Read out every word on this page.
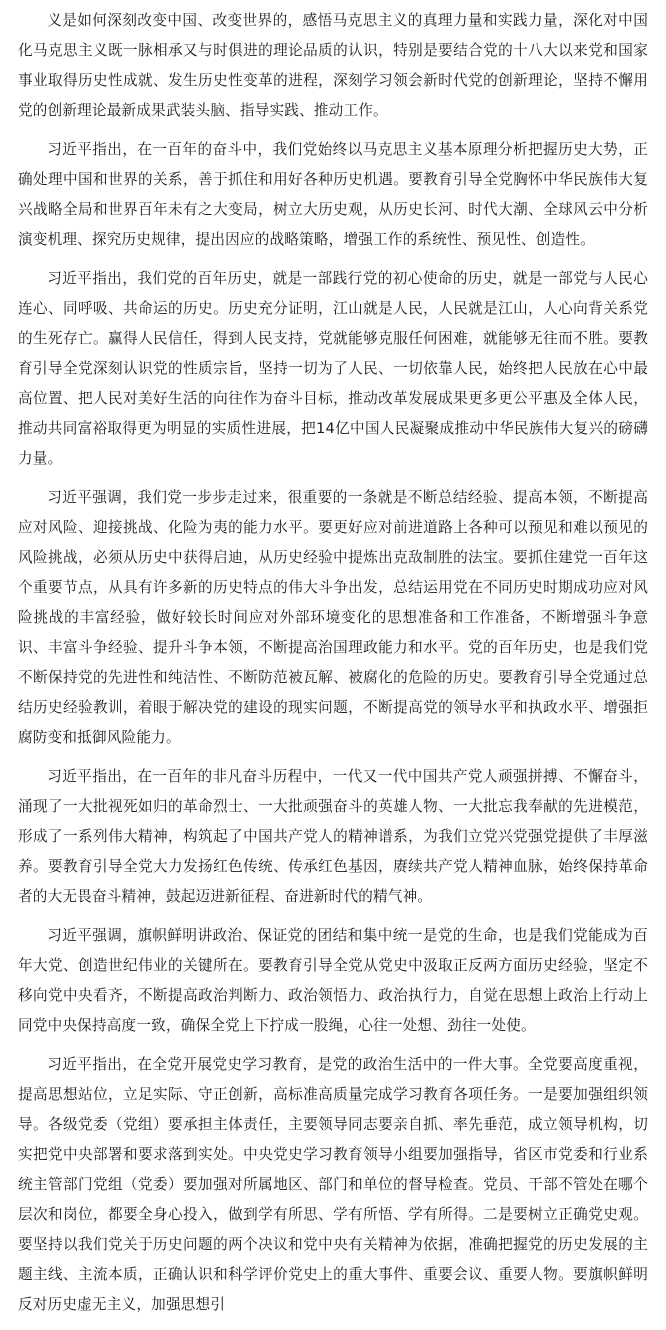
义是如何深刻改变中国、改变世界的，感悟马克思主义的真理力量和实践力量，深化对中国化马克思主义既一脉相承又与时俱进的理论品质的认识，特别是要结合党的十八大以来党和国家事业取得历史性成就、发生历史性变革的进程，深刻学习领会新时代党的创新理论，坚持不懈用党的创新理论最新成果武装头脑、指导实践、推动工作。

习近平指出，在一百年的奋斗中，我们党始终以马克思主义基本原理分析把握历史大势，正确处理中国和世界的关系，善于抓住和用好各种历史机遇。要教育引导全党胸怀中华民族伟大复兴战略全局和世界百年未有之大变局，树立大历史观，从历史长河、时代大潮、全球风云中分析演变机理、探究历史规律，提出因应的战略策略，增强工作的系统性、预见性、创造性。

习近平指出，我们党的百年历史，就是一部践行党的初心使命的历史，就是一部党与人民心连心、同呼吸、共命运的历史。历史充分证明，江山就是人民，人民就是江山，人心向背关系党的生死存亡。赢得人民信任，得到人民支持，党就能够克服任何困难，就能够无往而不胜。要教育引导全党深刻认识党的性质宗旨，坚持一切为了人民、一切依靠人民，始终把人民放在心中最高位置、把人民对美好生活的向往作为奋斗目标，推动改革发展成果更多更公平惠及全体人民，推动共同富裕取得更为明显的实质性进展，把14亿中国人民凝聚成推动中华民族伟大复兴的磅礴力量。

习近平强调，我们党一步步走过来，很重要的一条就是不断总结经验、提高本领，不断提高应对风险、迎接挑战、化险为夷的能力水平。要更好应对前进道路上各种可以预见和难以预见的风险挑战，必须从历史中获得启迪，从历史经验中提炼出克敌制胜的法宝。要抓住建党一百年这个重要节点，从具有许多新的历史特点的伟大斗争出发，总结运用党在不同历史时期成功应对风险挑战的丰富经验，做好较长时间应对外部环境变化的思想准备和工作准备，不断增强斗争意识、丰富斗争经验、提升斗争本领，不断提高治国理政能力和水平。党的百年历史，也是我们党不断保持党的先进性和纯洁性、不断防范被瓦解、被腐化的危险的历史。要教育引导全党通过总结历史经验教训，着眼于解决党的建设的现实问题，不断提高党的领导水平和执政水平、增强拒腐防变和抵御风险能力。

习近平指出，在一百年的非凡奋斗历程中，一代又一代中国共产党人顽强拼搏、不懈奋斗，涌现了一大批视死如归的革命烈士、一大批顽强奋斗的英雄人物、一大批忘我奉献的先进模范，形成了一系列伟大精神，构筑起了中国共产党人的精神谱系，为我们立党兴党强党提供了丰厚滋养。要教育引导全党大力发扬红色传统、传承红色基因，赓续共产党人精神血脉，始终保持革命者的大无畏奋斗精神，鼓起迈进新征程、奋进新时代的精气神。

习近平强调，旗帜鲜明讲政治、保证党的团结和集中统一是党的生命，也是我们党能成为百年大党、创造世纪伟业的关键所在。要教育引导全党从党史中汲取正反两方面历史经验，坚定不移向党中央看齐，不断提高政治判断力、政治领悟力、政治执行力，自觉在思想上政治上行动上同党中央保持高度一致，确保全党上下拧成一股绳，心往一处想、劲往一处使。

习近平指出，在全党开展党史学习教育，是党的政治生活中的一件大事。全党要高度重视，提高思想站位，立足实际、守正创新，高标准高质量完成学习教育各项任务。一是要加强组织领导。各级党委（党组）要承担主体责任，主要领导同志要亲自抓、率先垂范，成立领导机构，切实把党中央部署和要求落到实处。中央党史学习教育领导小组要加强指导，省区市党委和行业系统主管部门党组（党委）要加强对所属地区、部门和单位的督导检查。党员、干部不管处在哪个层次和岗位，都要全身心投入，做到学有所思、学有所悟、学有所得。二是要树立正确党史观。要坚持以我们党关于历史问题的两个决议和党中央有关精神为依据，准确把握党的历史发展的主题主线、主流本质，正确认识和科学评价党史上的重大事件、重要会议、重要人物。要旗帜鲜明反对历史虚无主义，加强思想引
